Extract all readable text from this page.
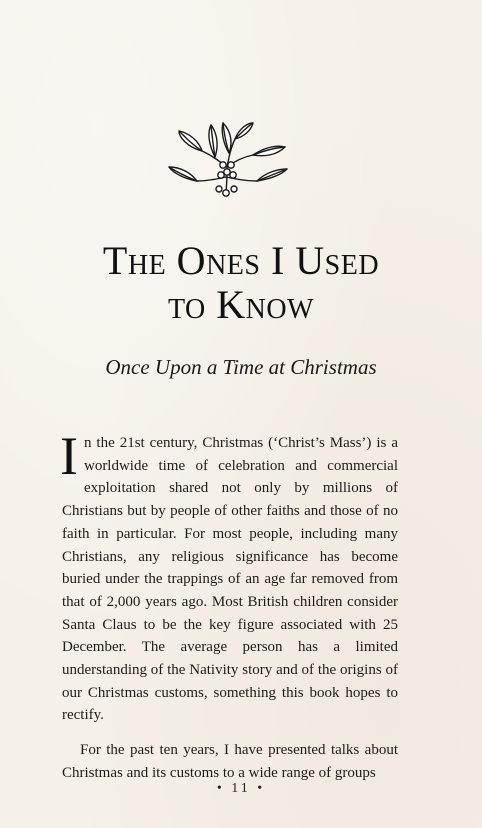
The Ones I Used
to Know
Once Upon a Time at Christmas

In the 21st century, Christmas (‘Christ’s Mass’) is a worldwide time of celebration and commercial exploitation shared not only by millions of Christians but by people of other faiths and those of no faith in particular. For most people, including many Christians, any religious significance has become buried under the trappings of an age far removed from that of 2,000 years ago. Most British children consider Santa Claus to be the key figure associated with 25 December. The average person has a limited understanding of the Nativity story and of the origins of our Christmas customs, something this book hopes to rectify.

For the past ten years, I have presented talks about Christmas and its customs to a wide range of groups

• 11 •
